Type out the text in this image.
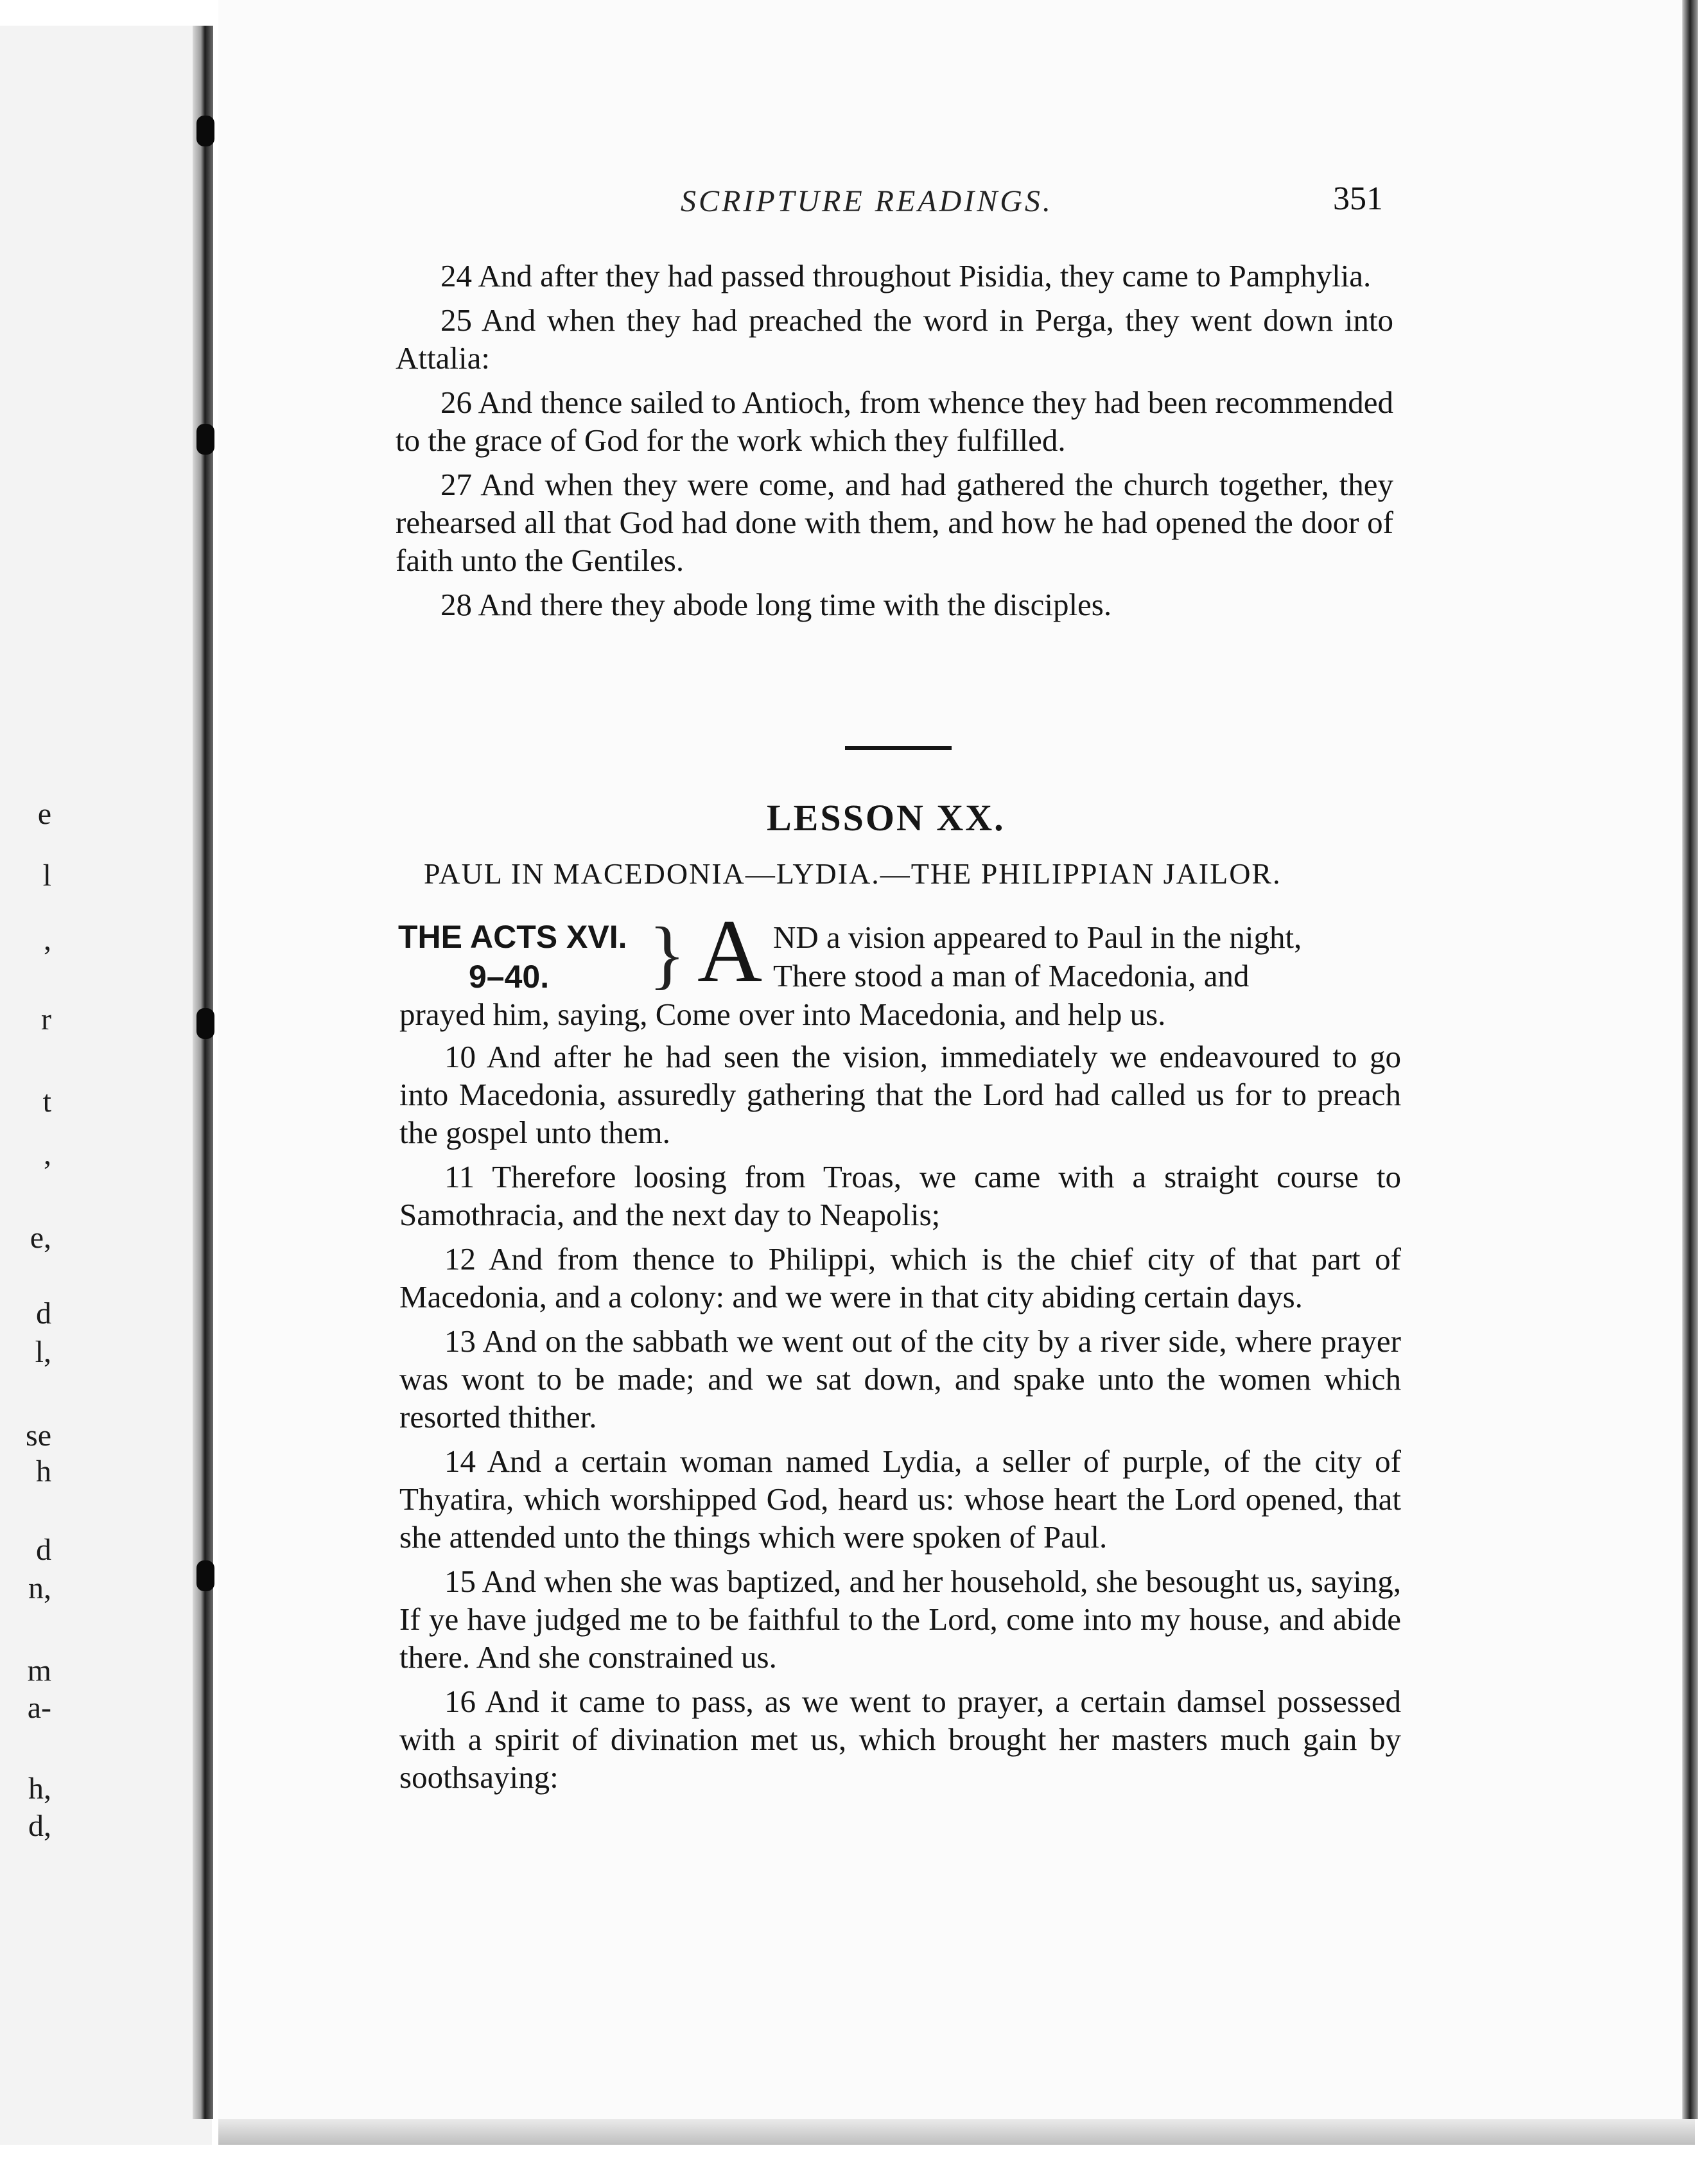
e
l
,
r
t
,
e,
d
l,
se
h
d
n,
m
a-
h,
d,
SCRIPTURE READINGS.	351

24 And after they had passed throughout Pisidia, they came to Pamphylia.

25 And when they had preached the word in Perga, they went down into Attalia:

26 And thence sailed to Antioch, from whence they had been recommended to the grace of God for the work which they fulfilled.

27 And when they were come, and had gathered the church together, they rehearsed all that God had done with them, and how he had opened the door of faith unto the Gentiles.

28 And there they abode long time with the disciples.

LESSON XX.
PAUL IN MACEDONIA—LYDIA.—THE PHILIPPIAN JAILOR.
THE ACTS XVI.
9–40.	} A ND a vision appeared to Paul in the night,
There stood a man of Macedonia, and
prayed him, saying, Come over into Macedonia, and help us.

10 And after he had seen the vision, immediately we endeavoured to go into Macedonia, assuredly gathering that the Lord had called us for to preach the gospel unto them.

11 Therefore loosing from Troas, we came with a straight course to Samothracia, and the next day to Neapolis;

12 And from thence to Philippi, which is the chief city of that part of Macedonia, and a colony: and we were in that city abiding certain days.

13 And on the sabbath we went out of the city by a river side, where prayer was wont to be made; and we sat down, and spake unto the women which resorted thither.

14 And a certain woman named Lydia, a seller of purple, of the city of Thyatira, which worshipped God, heard us: whose heart the Lord opened, that she attended unto the things which were spoken of Paul.

15 And when she was baptized, and her household, she besought us, saying, If ye have judged me to be faithful to the Lord, come into my house, and abide there. And she constrained us.

16 And it came to pass, as we went to prayer, a certain damsel possessed with a spirit of divination met us, which brought her masters much gain by soothsaying:
